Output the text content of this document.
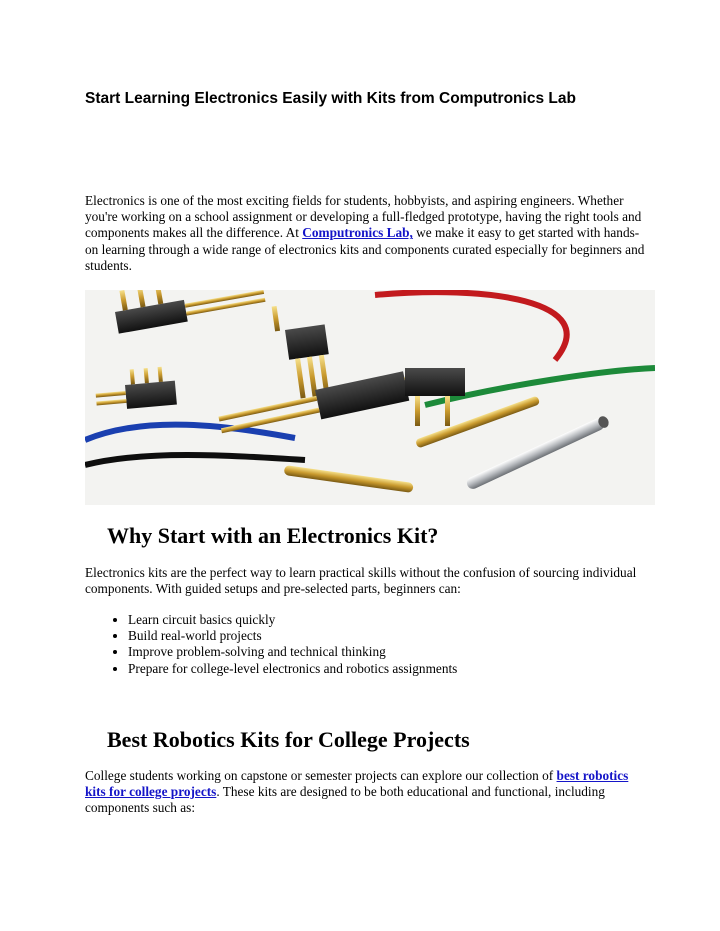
Start Learning Electronics Easily with Kits from Computronics Lab

Electronics is one of the most exciting fields for students, hobbyists, and aspiring engineers. Whether you're working on a school assignment or developing a full-fledged prototype, having the right tools and components makes all the difference. At Computronics Lab, we make it easy to get started with hands-on learning through a wide range of electronics kits and components curated especially for beginners and students.

Why Start with an Electronics Kit?

Electronics kits are the perfect way to learn practical skills without the confusion of sourcing individual components. With guided setups and pre-selected parts, beginners can:

• Learn circuit basics quickly
• Build real-world projects
• Improve problem-solving and technical thinking
• Prepare for college-level electronics and robotics assignments
Best Robotics Kits for College Projects

College students working on capstone or semester projects can explore our collection of best robotics kits for college projects. These kits are designed to be both educational and functional, including components such as:
